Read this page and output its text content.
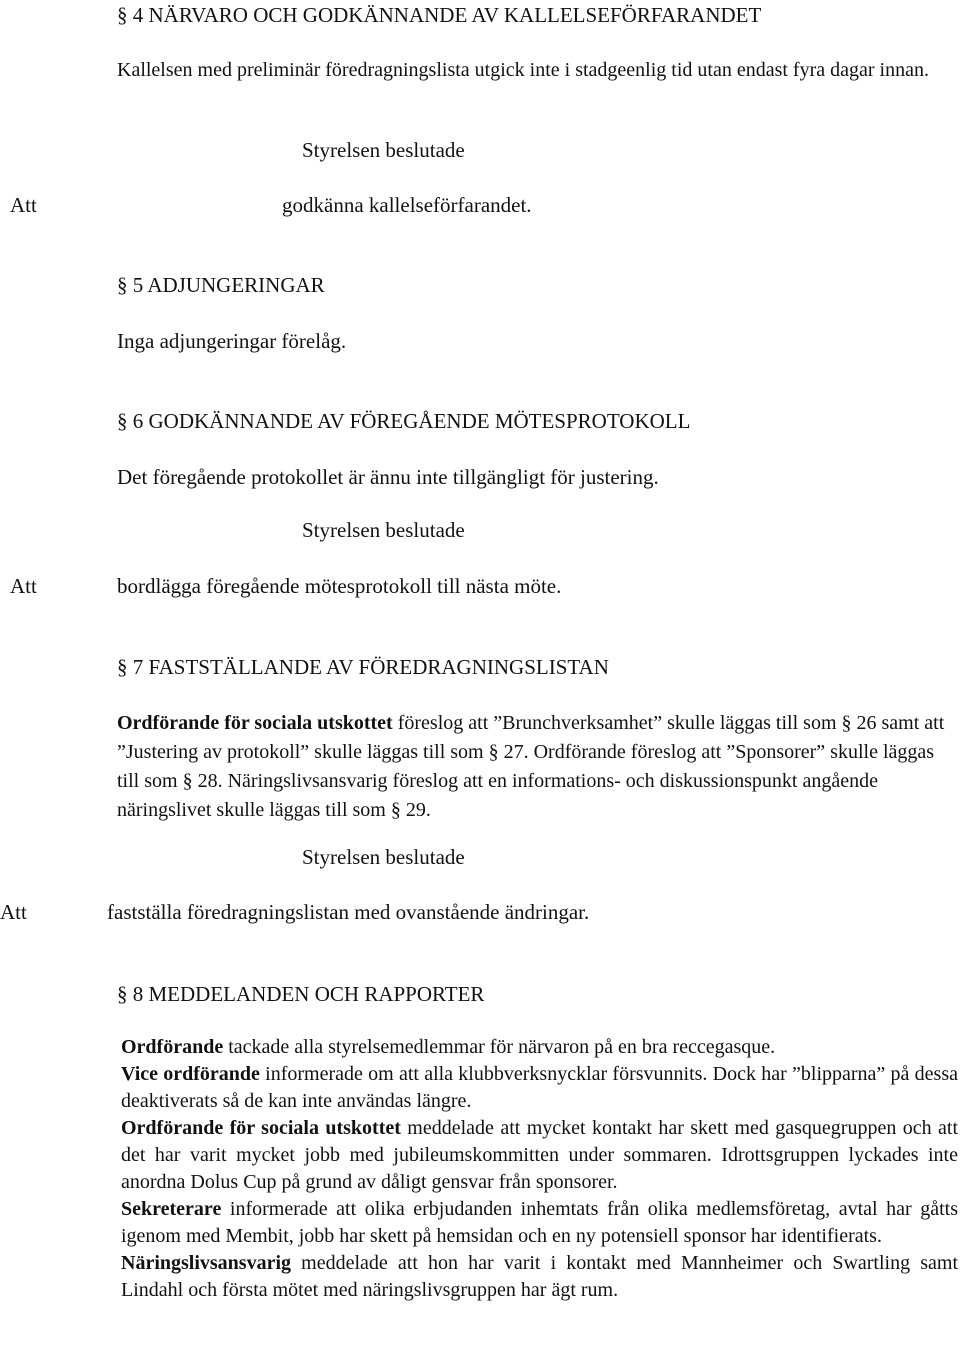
§ 4 NÄRVARO OCH GODKÄNNANDE AV KALLELSEFÖRFARANDET
Kallelsen med preliminär föredragningslista utgick inte i stadgeenlig tid utan endast fyra dagar innan.
Styrelsen beslutade
Att	godkänna kallelseförfarandet.
§ 5 ADJUNGERINGAR
Inga adjungeringar förelåg.
§ 6 GODKÄNNANDE AV FÖREGÅENDE MÖTESPROTOKOLL
Det föregående protokollet är ännu inte tillgängligt för justering.
Styrelsen beslutade
Att	bordlägga föregående mötesprotokoll till nästa möte.
§ 7 FASTSTÄLLANDE AV FÖREDRAGNINGSLISTAN
Ordförande för sociala utskottet föreslog att ”Brunchverksamhet” skulle läggas till som § 26 samt att ”Justering av protokoll” skulle läggas till som § 27. Ordförande föreslog att ”Sponsorer” skulle läggas till som § 28. Näringslivsansvarig föreslog att en informations- och diskussionspunkt angående näringslivet skulle läggas till som § 29.
Styrelsen beslutade
Att	fastställa föredragningslistan med ovanstående ändringar.
§ 8 MEDDELANDEN OCH RAPPORTER
Ordförande tackade alla styrelsemedlemmar för närvaron på en bra reccegasque.
Vice ordförande informerade om att alla klubbverksnycklar försvunnits. Dock har ”blipparna” på dessa deaktiverats så de kan inte användas längre.
Ordförande för sociala utskottet meddelade att mycket kontakt har skett med gasquegruppen och att det har varit mycket jobb med jubileumskommitten under sommaren. Idrottsgruppen lyckades inte anordna Dolus Cup på grund av dåligt gensvar från sponsorer.
Sekreterare informerade att olika erbjudanden inhemtats från olika medlemsföretag, avtal har gåtts igenom med Membit, jobb har skett på hemsidan och en ny potensiell sponsor har identifierats.
Näringslivsansvarig meddelade att hon har varit i kontakt med Mannheimer och Swartling samt Lindahl och första mötet med näringslivsgruppen har ägt rum.
